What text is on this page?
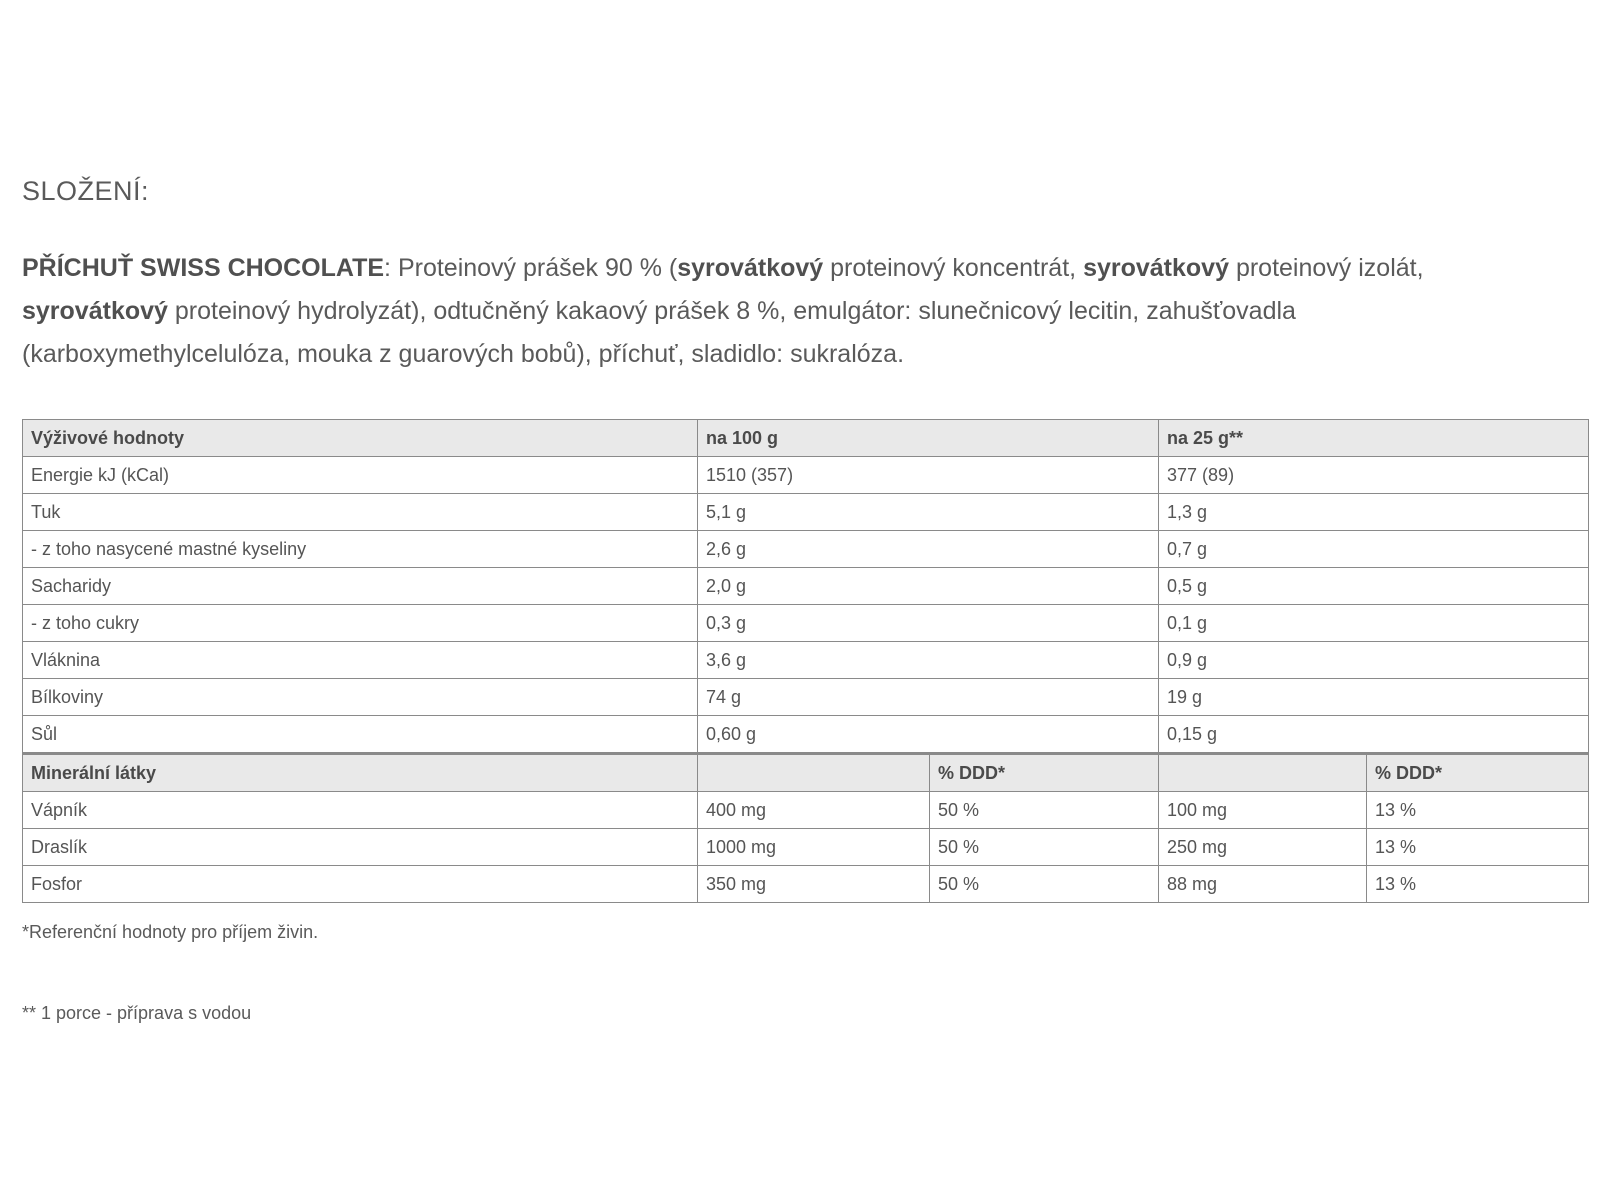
SLOŽENÍ:

PŘÍCHUŤ SWISS CHOCOLATE: Proteinový prášek 90 % (syrovátkový proteinový koncentrát, syrovátkový proteinový izolát, syrovátkový proteinový hydrolyzát), odtučněný kakaový prášek 8 %, emulgátor: slunečnicový lecitin, zahušťovadla (karboxymethylcelulóza, mouka z guarových bobů), příchuť, sladidlo: sukralóza.

Výživové hodnoty	na 100 g		na 25 g**	
Energie kJ (kCal)	1510 (357)		377 (89)	
Tuk	5,1 g		1,3 g	
- z toho nasycené mastné kyseliny	2,6 g		0,7 g	
Sacharidy	2,0 g		0,5 g	
- z toho cukry	0,3 g		0,1 g	
Vláknina	3,6 g		0,9 g	
Bílkoviny	74 g		19 g	
Sůl	0,60 g		0,15 g	
Minerální látky		% DDD*		% DDD*
Vápník	400 mg	50 %	100 mg	13 %
Draslík	1000 mg	50 %	250 mg	13 %
Fosfor	350 mg	50 %	88 mg	13 %

*Referenční hodnoty pro příjem živin.

** 1 porce - příprava s vodou
